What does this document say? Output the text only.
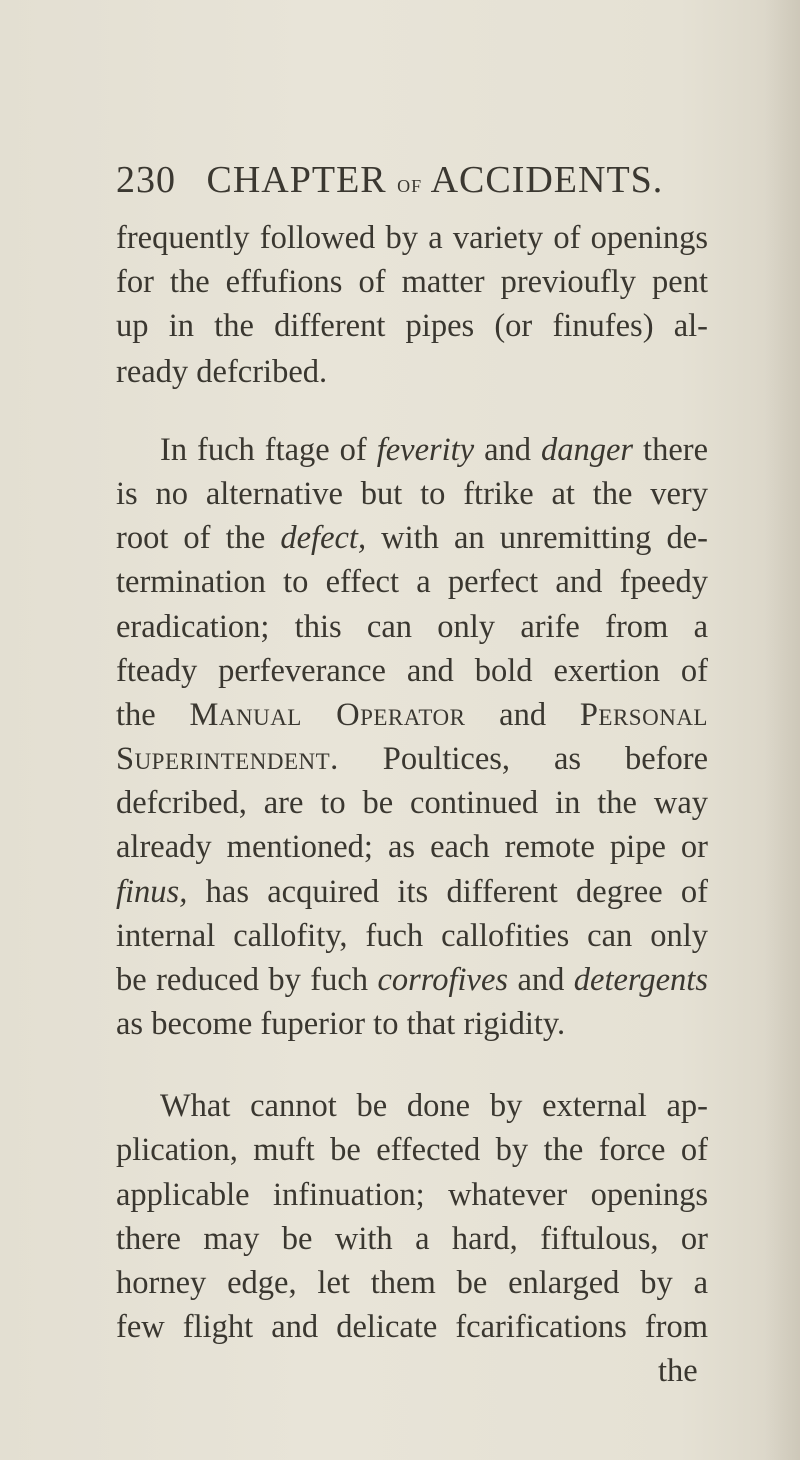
230 CHAPTER of ACCIDENTS.
frequently followed by a variety of openings
for the effufions of matter previoufly pent
up in the different pipes (or finufes) al-
ready defcribed.
In fuch ftage of feverity and danger there
is no alternative but to ftrike at the very
root of the defect, with an unremitting de-
termination to effect a perfect and fpeedy
eradication; this can only arife from a
fteady perfeverance and bold exertion of
the Manual Operator and Personal
Superintendent. Poultices, as before
defcribed, are to be continued in the way
already mentioned; as each remote pipe or
finus, has acquired its different degree of
internal callofity, fuch callofities can only
be reduced by fuch corrofives and detergents
as become fuperior to that rigidity.
What cannot be done by external ap-
plication, muft be effected by the force of
applicable infinuation; whatever openings
there may be with a hard, fiftulous, or
horney edge, let them be enlarged by a
few flight and delicate fcarifications from
the
